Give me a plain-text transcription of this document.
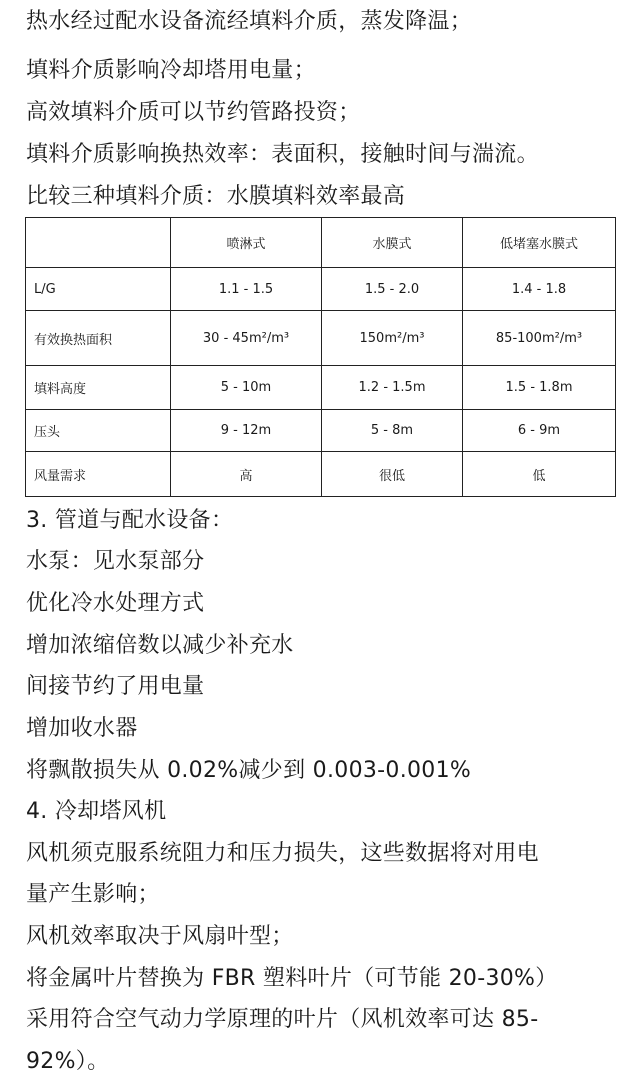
热水经过配水设备流经填料介质，蒸发降温；
填料介质影响冷却塔用电量；
高效填料介质可以节约管路投资；
填料介质影响换热效率：表面积，接触时间与湍流。
比较三种填料介质：水膜填料效率最高
	喷淋式	水膜式	低堵塞水膜式
L/G	1.1 - 1.5	1.5 - 2.0	1.4 - 1.8
有效换热面积	30 - 45m²/m³	150m²/m³	85-100m²/m³
填料高度	5 - 10m	1.2 - 1.5m	1.5 - 1.8m
压头	9 - 12m	5 - 8m	6 - 9m
风量需求	高	很低	低
3. 管道与配水设备：
水泵：见水泵部分
优化冷水处理方式
增加浓缩倍数以减少补充水
间接节约了用电量
增加收水器
将飘散损失从 0.02%减少到 0.003-0.001%
4. 冷却塔风机
风机须克服系统阻力和压力损失，这些数据将对用电
量产生影响；
风机效率取决于风扇叶型；
将金属叶片替换为 FBR 塑料叶片（可节能 20-30%）
采用符合空气动力学原理的叶片（风机效率可达 85-
92%）。
